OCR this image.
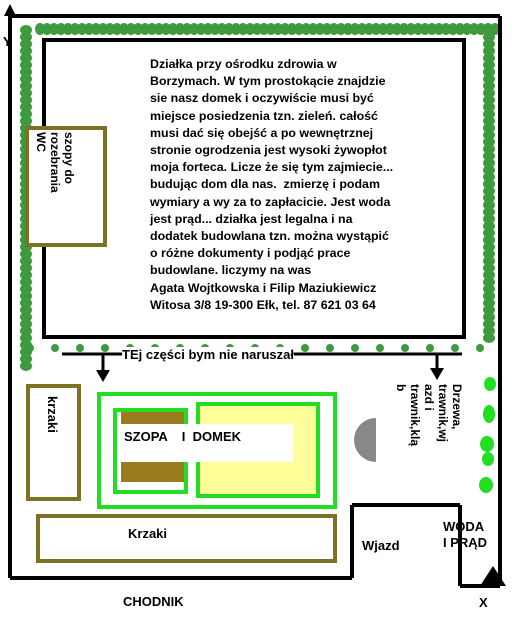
Y
X
Działka przy ośrodku zdrowia w
Borzymach. W tym prostokącie znajdzie
sie nasz domek i oczywiście musi być
miejsce posiedzenia tzn. zieleń. całość
musi dać się obejść a po wewnętrznej
stronie ogrodzenia jest wysoki żywopłot
moja forteca. Licze że się tym zajmiecie...
budując dom dla nas.  zmierzę i podam
wymiary a wy za to zapłacicie. Jest woda
jest prąd... działka jest legalna i na
dodatek budowlana tzn. można wystąpić
o różne dokumenty i podjąć prace
budowlane. liczymy na was
Agata Wojtkowska i Filip Maziukiewicz
Witosa 3/8 19-300 Ełk, tel. 87 621 03 64
szopy do
rozebrania
WC
TEj części bym nie naruszał
krzaki
SZOPA    I  DOMEK
Krzaki
Drzewa,
trawnik,wj
azd i
trawnik,klą
b
Wjazd
WODA
I PRĄD
CHODNIK
